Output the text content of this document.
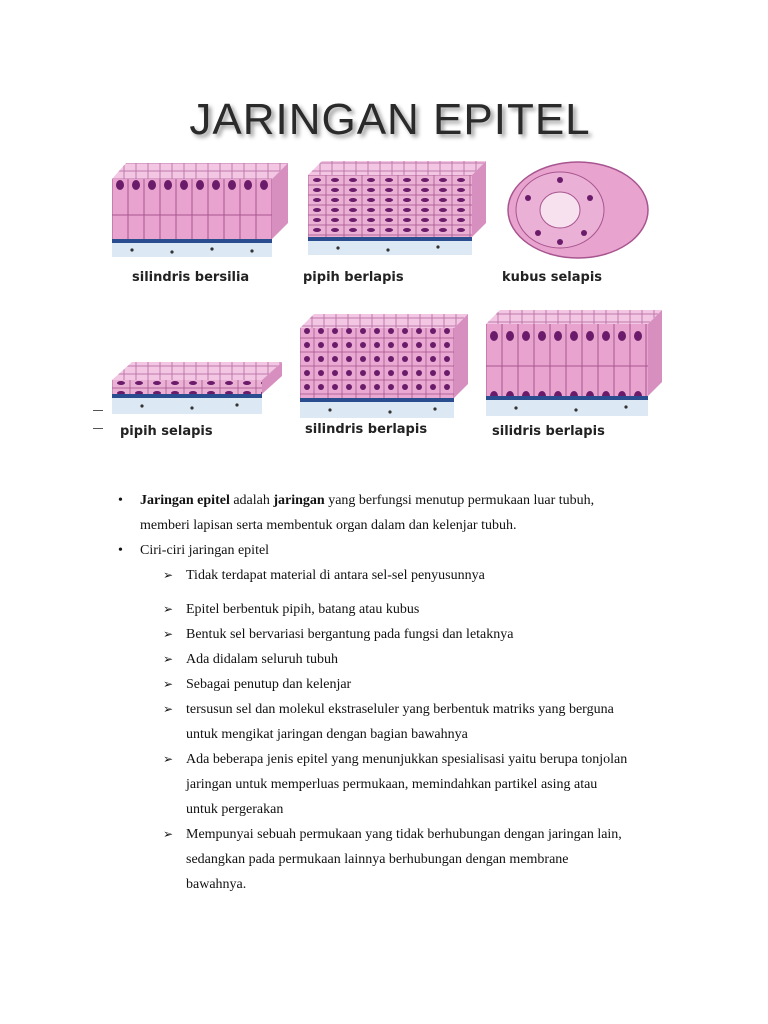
JARINGAN EPITEL
silindris bersilia	pipih berlapis	kubus selapis
pipih selapis	silindris berlapis	silidris berlapis
• Jaringan epitel adalah jaringan yang berfungsi menutup permukaan luar tubuh,
memberi lapisan serta membentuk organ dalam dan kelenjar tubuh.
• Ciri-ciri jaringan epitel
➢ Tidak terdapat material di antara sel-sel penyusunnya
➢ Epitel berbentuk pipih, batang atau kubus
➢ Bentuk sel bervariasi bergantung pada fungsi dan letaknya
➢ Ada didalam seluruh tubuh
➢ Sebagai penutup dan kelenjar
➢ tersusun sel dan molekul ekstraseluler yang berbentuk matriks yang berguna
untuk mengikat jaringan dengan bagian bawahnya
➢ Ada beberapa jenis epitel yang menunjukkan spesialisasi yaitu berupa tonjolan
jaringan untuk memperluas permukaan, memindahkan partikel asing atau
untuk pergerakan
➢ Mempunyai sebuah permukaan yang tidak berhubungan dengan jaringan lain,
sedangkan pada permukaan lainnya berhubungan dengan membrane
bawahnya.
